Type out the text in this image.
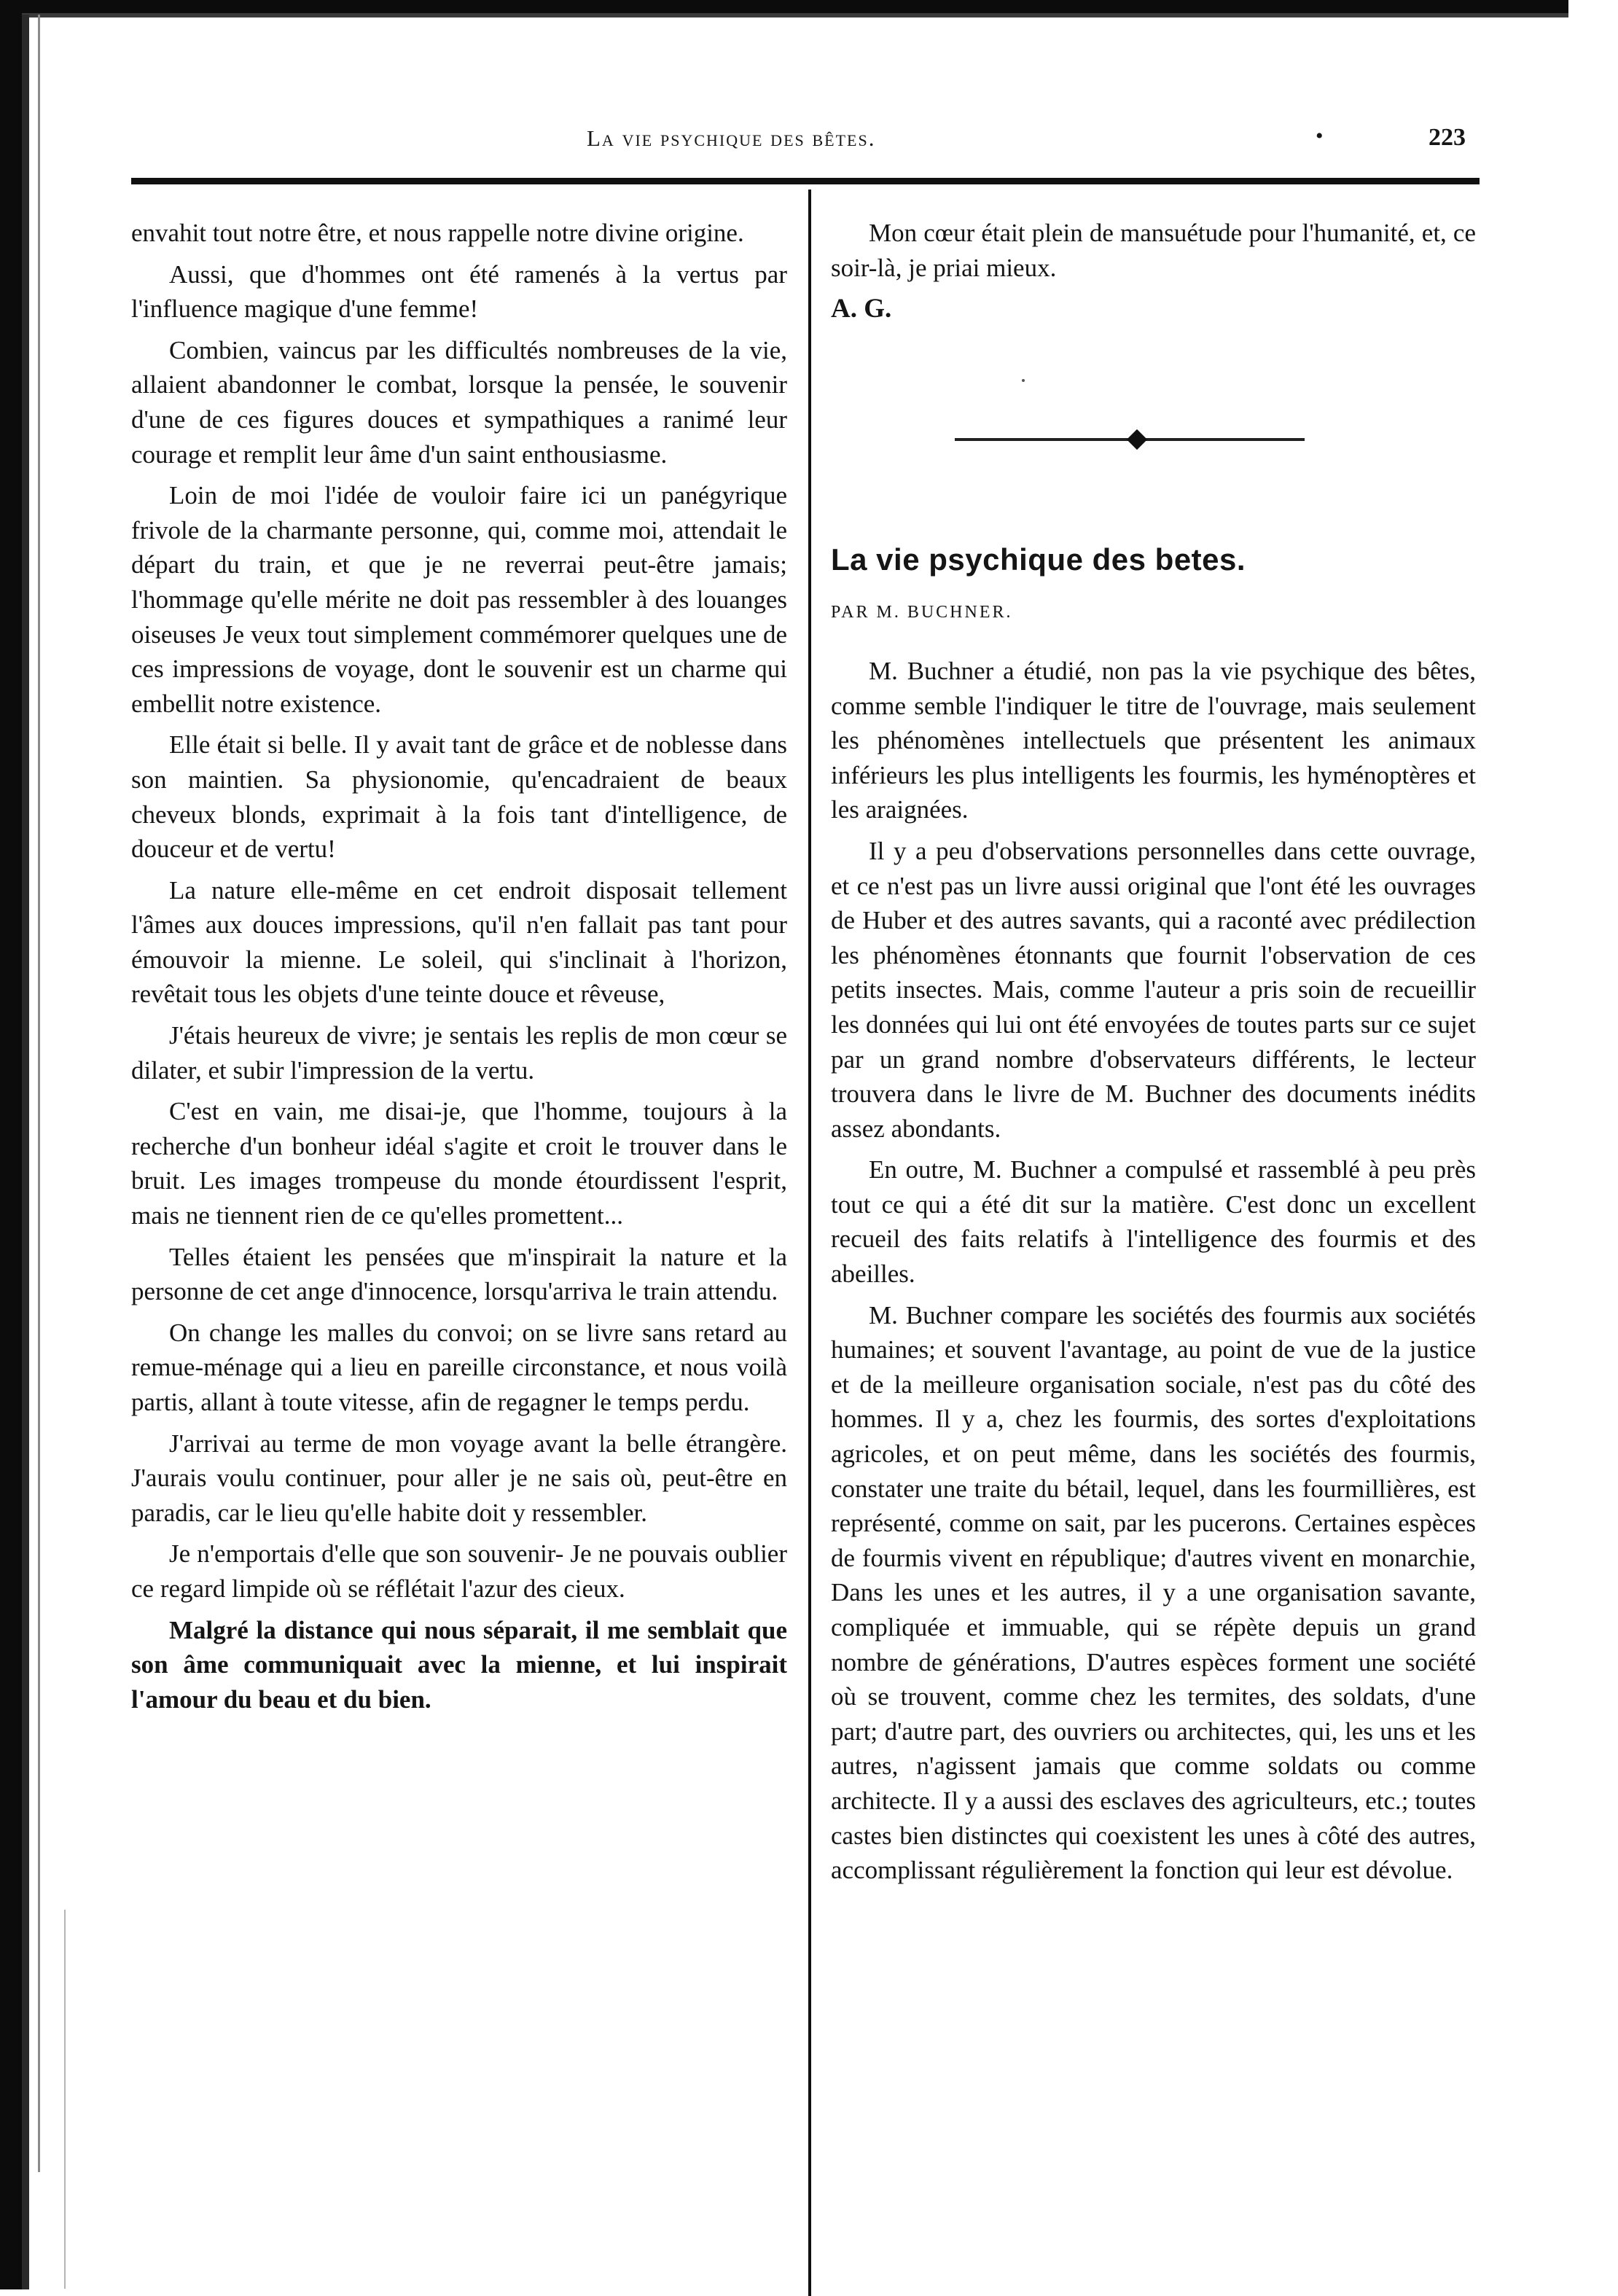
La vie psychique des bêtes.	•	223

envahit tout notre être, et nous rappelle notre divine origine.

Aussi, que d'hommes ont été ramenés à la vertus par l'influence magique d'une femme!

Combien, vaincus par les difficultés nombreuses de la vie, allaient abandonner le combat, lorsque la pensée, le souvenir d'une de ces figures douces et sympathiques a ranimé leur courage et remplit leur âme d'un saint enthousiasme.

Loin de moi l'idée de vouloir faire ici un panégyrique frivole de la charmante personne, qui, comme moi, attendait le départ du train, et que je ne reverrai peut-être jamais; l'hommage qu'elle mérite ne doit pas ressembler à des louanges oiseuses Je veux tout simplement commémorer quelques une de ces impressions de voyage, dont le souvenir est un charme qui embellit notre existence.

Elle était si belle. Il y avait tant de grâce et de noblesse dans son maintien. Sa physionomie, qu'encadraient de beaux cheveux blonds, exprimait à la fois tant d'intelligence, de douceur et de vertu!

La nature elle-même en cet endroit disposait tellement l'âmes aux douces impressions, qu'il n'en fallait pas tant pour émouvoir la mienne. Le soleil, qui s'inclinait à l'horizon, revêtait tous les objets d'une teinte douce et rêveuse,

J'étais heureux de vivre; je sentais les replis de mon cœur se dilater, et subir l'impression de la vertu.

C'est en vain, me disai-je, que l'homme, toujours à la recherche d'un bonheur idéal s'agite et croit le trouver dans le bruit. Les images trompeuse du monde étourdissent l'esprit, mais ne tiennent rien de ce qu'elles promettent...

Telles étaient les pensées que m'inspirait la nature et la personne de cet ange d'innocence, lorsqu'arriva le train attendu.

On change les malles du convoi; on se livre sans retard au remue-ménage qui a lieu en pareille circonstance, et nous voilà partis, allant à toute vitesse, afin de regagner le temps perdu.

J'arrivai au terme de mon voyage avant la belle étrangère. J'aurais voulu continuer, pour aller je ne sais où, peut-être en paradis, car le lieu qu'elle habite doit y ressembler.

Je n'emportais d'elle que son souvenir- Je ne pouvais oublier ce regard limpide où se réflétait l'azur des cieux.

Malgré la distance qui nous séparait, il me semblait que son âme communiquait avec la mienne, et lui inspirait l'amour du beau et du bien.

Mon cœur était plein de mansuétude pour l'humanité, et, ce soir-là, je priai mieux.

A. G.
La vie psychique des betes.
PAR M. BUCHNER.

M. Buchner a étudié, non pas la vie psychique des bêtes, comme semble l'indiquer le titre de l'ouvrage, mais seulement les phénomènes intellectuels que présentent les animaux inférieurs les plus intelligents les fourmis, les hyménoptères et les araignées.

Il y a peu d'observations personnelles dans cette ouvrage, et ce n'est pas un livre aussi original que l'ont été les ouvrages de Huber et des autres savants, qui a raconté avec prédilection les phénomènes étonnants que fournit l'observation de ces petits insectes. Mais, comme l'auteur a pris soin de recueillir les données qui lui ont été envoyées de toutes parts sur ce sujet par un grand nombre d'observateurs différents, le lecteur trouvera dans le livre de M. Buchner des documents inédits assez abondants.

En outre, M. Buchner a compulsé et rassemblé à peu près tout ce qui a été dit sur la matière. C'est donc un excellent recueil des faits relatifs à l'intelligence des fourmis et des abeilles.

M. Buchner compare les sociétés des fourmis aux sociétés humaines; et souvent l'avantage, au point de vue de la justice et de la meilleure organisation sociale, n'est pas du côté des hommes. Il y a, chez les fourmis, des sortes d'exploitations agricoles, et on peut même, dans les sociétés des fourmis, constater une traite du bétail, lequel, dans les fourmillières, est représenté, comme on sait, par les pucerons. Certaines espèces de fourmis vivent en république; d'autres vivent en monarchie, Dans les unes et les autres, il y a une organisation savante, compliquée et immuable, qui se répète depuis un grand nombre de générations, D'autres espèces forment une société où se trouvent, comme chez les termites, des soldats, d'une part; d'autre part, des ouvriers ou architectes, qui, les uns et les autres, n'agissent jamais que comme soldats ou comme architecte. Il y a aussi des esclaves des agriculteurs, etc.; toutes castes bien distinctes qui coexistent les unes à côté des autres, accomplissant régulièrement la fonction qui leur est dévolue.
